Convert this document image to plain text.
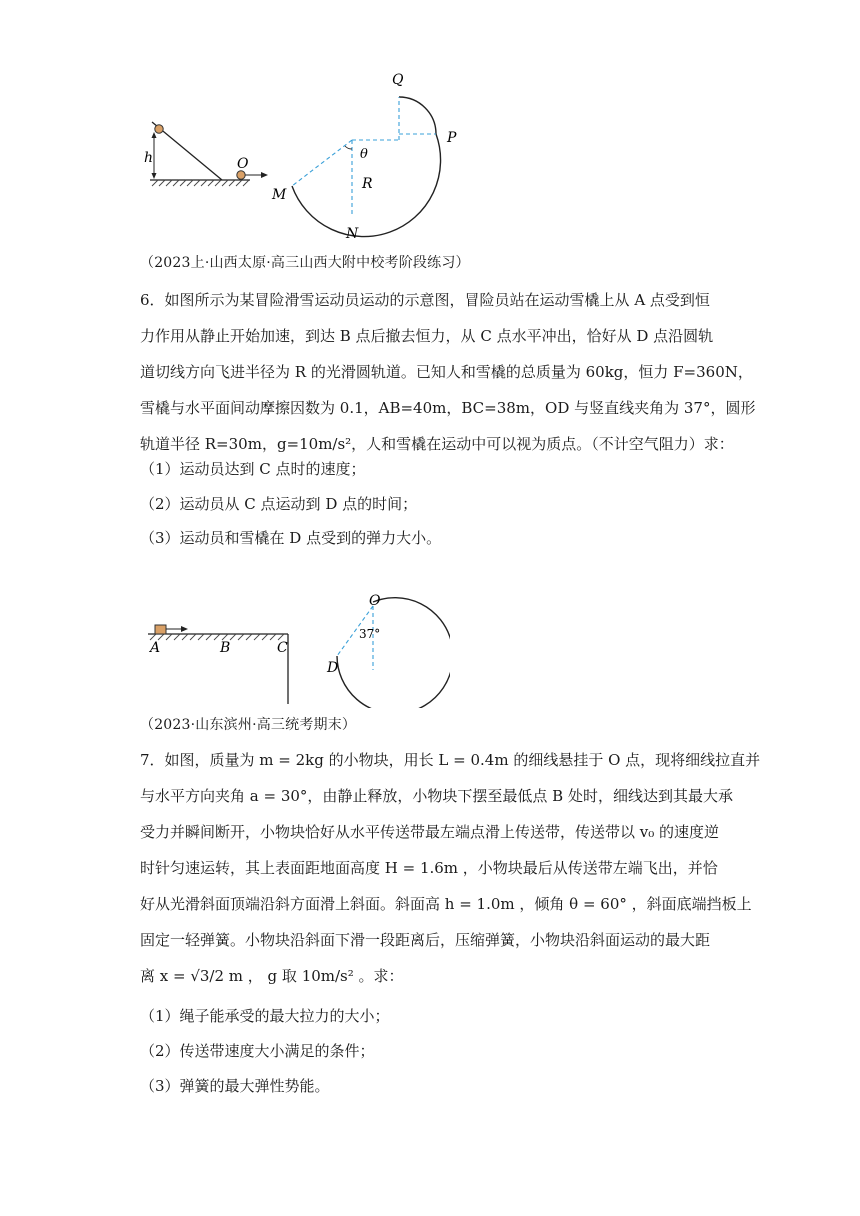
h	O
Q
P
θ
R
M
N
（2023上·山西太原·高三山西大附中校考阶段练习）
6．如图所示为某冒险滑雪运动员运动的示意图，冒险员站在运动雪橇上从 A 点受到恒
力作用从静止开始加速，到达 B 点后撤去恒力，从 C 点水平冲出，恰好从 D 点沿圆轨
道切线方向飞进半径为 R 的光滑圆轨道。已知人和雪橇的总质量为 60kg，恒力 F=360N，
雪橇与水平面间动摩擦因数为 0.1，AB=40m，BC=38m，OD 与竖直线夹角为 37°，圆形
轨道半径 R=30m，g=10m/s²，人和雪橇在运动中可以视为质点。（不计空气阻力）求：
（1）运动员达到 C 点时的速度；
（2）运动员从 C 点运动到 D 点的时间；
（3）运动员和雪橇在 D 点受到的弹力大小。
A	B	C
O
37°
D
（2023·山东滨州·高三统考期末）
7．如图，质量为 m = 2kg 的小物块，用长 L = 0.4m 的细线悬挂于 O 点，现将细线拉直并
与水平方向夹角 a = 30°，由静止释放，小物块下摆至最低点 B 处时，细线达到其最大承
受力并瞬间断开，小物块恰好从水平传送带最左端点滑上传送带，传送带以 v₀ 的速度逆
时针匀速运转，其上表面距地面高度 H = 1.6m ，小物块最后从传送带左端飞出，并恰
好从光滑斜面顶端沿斜方面滑上斜面。斜面高 h = 1.0m ，倾角 θ = 60° ，斜面底端挡板上
固定一轻弹簧。小物块沿斜面下滑一段距离后，压缩弹簧，小物块沿斜面运动的最大距
离 x = √3/2 m ， g 取 10m/s² 。求：
（1）绳子能承受的最大拉力的大小；
（2）传送带速度大小满足的条件；
（3）弹簧的最大弹性势能。
